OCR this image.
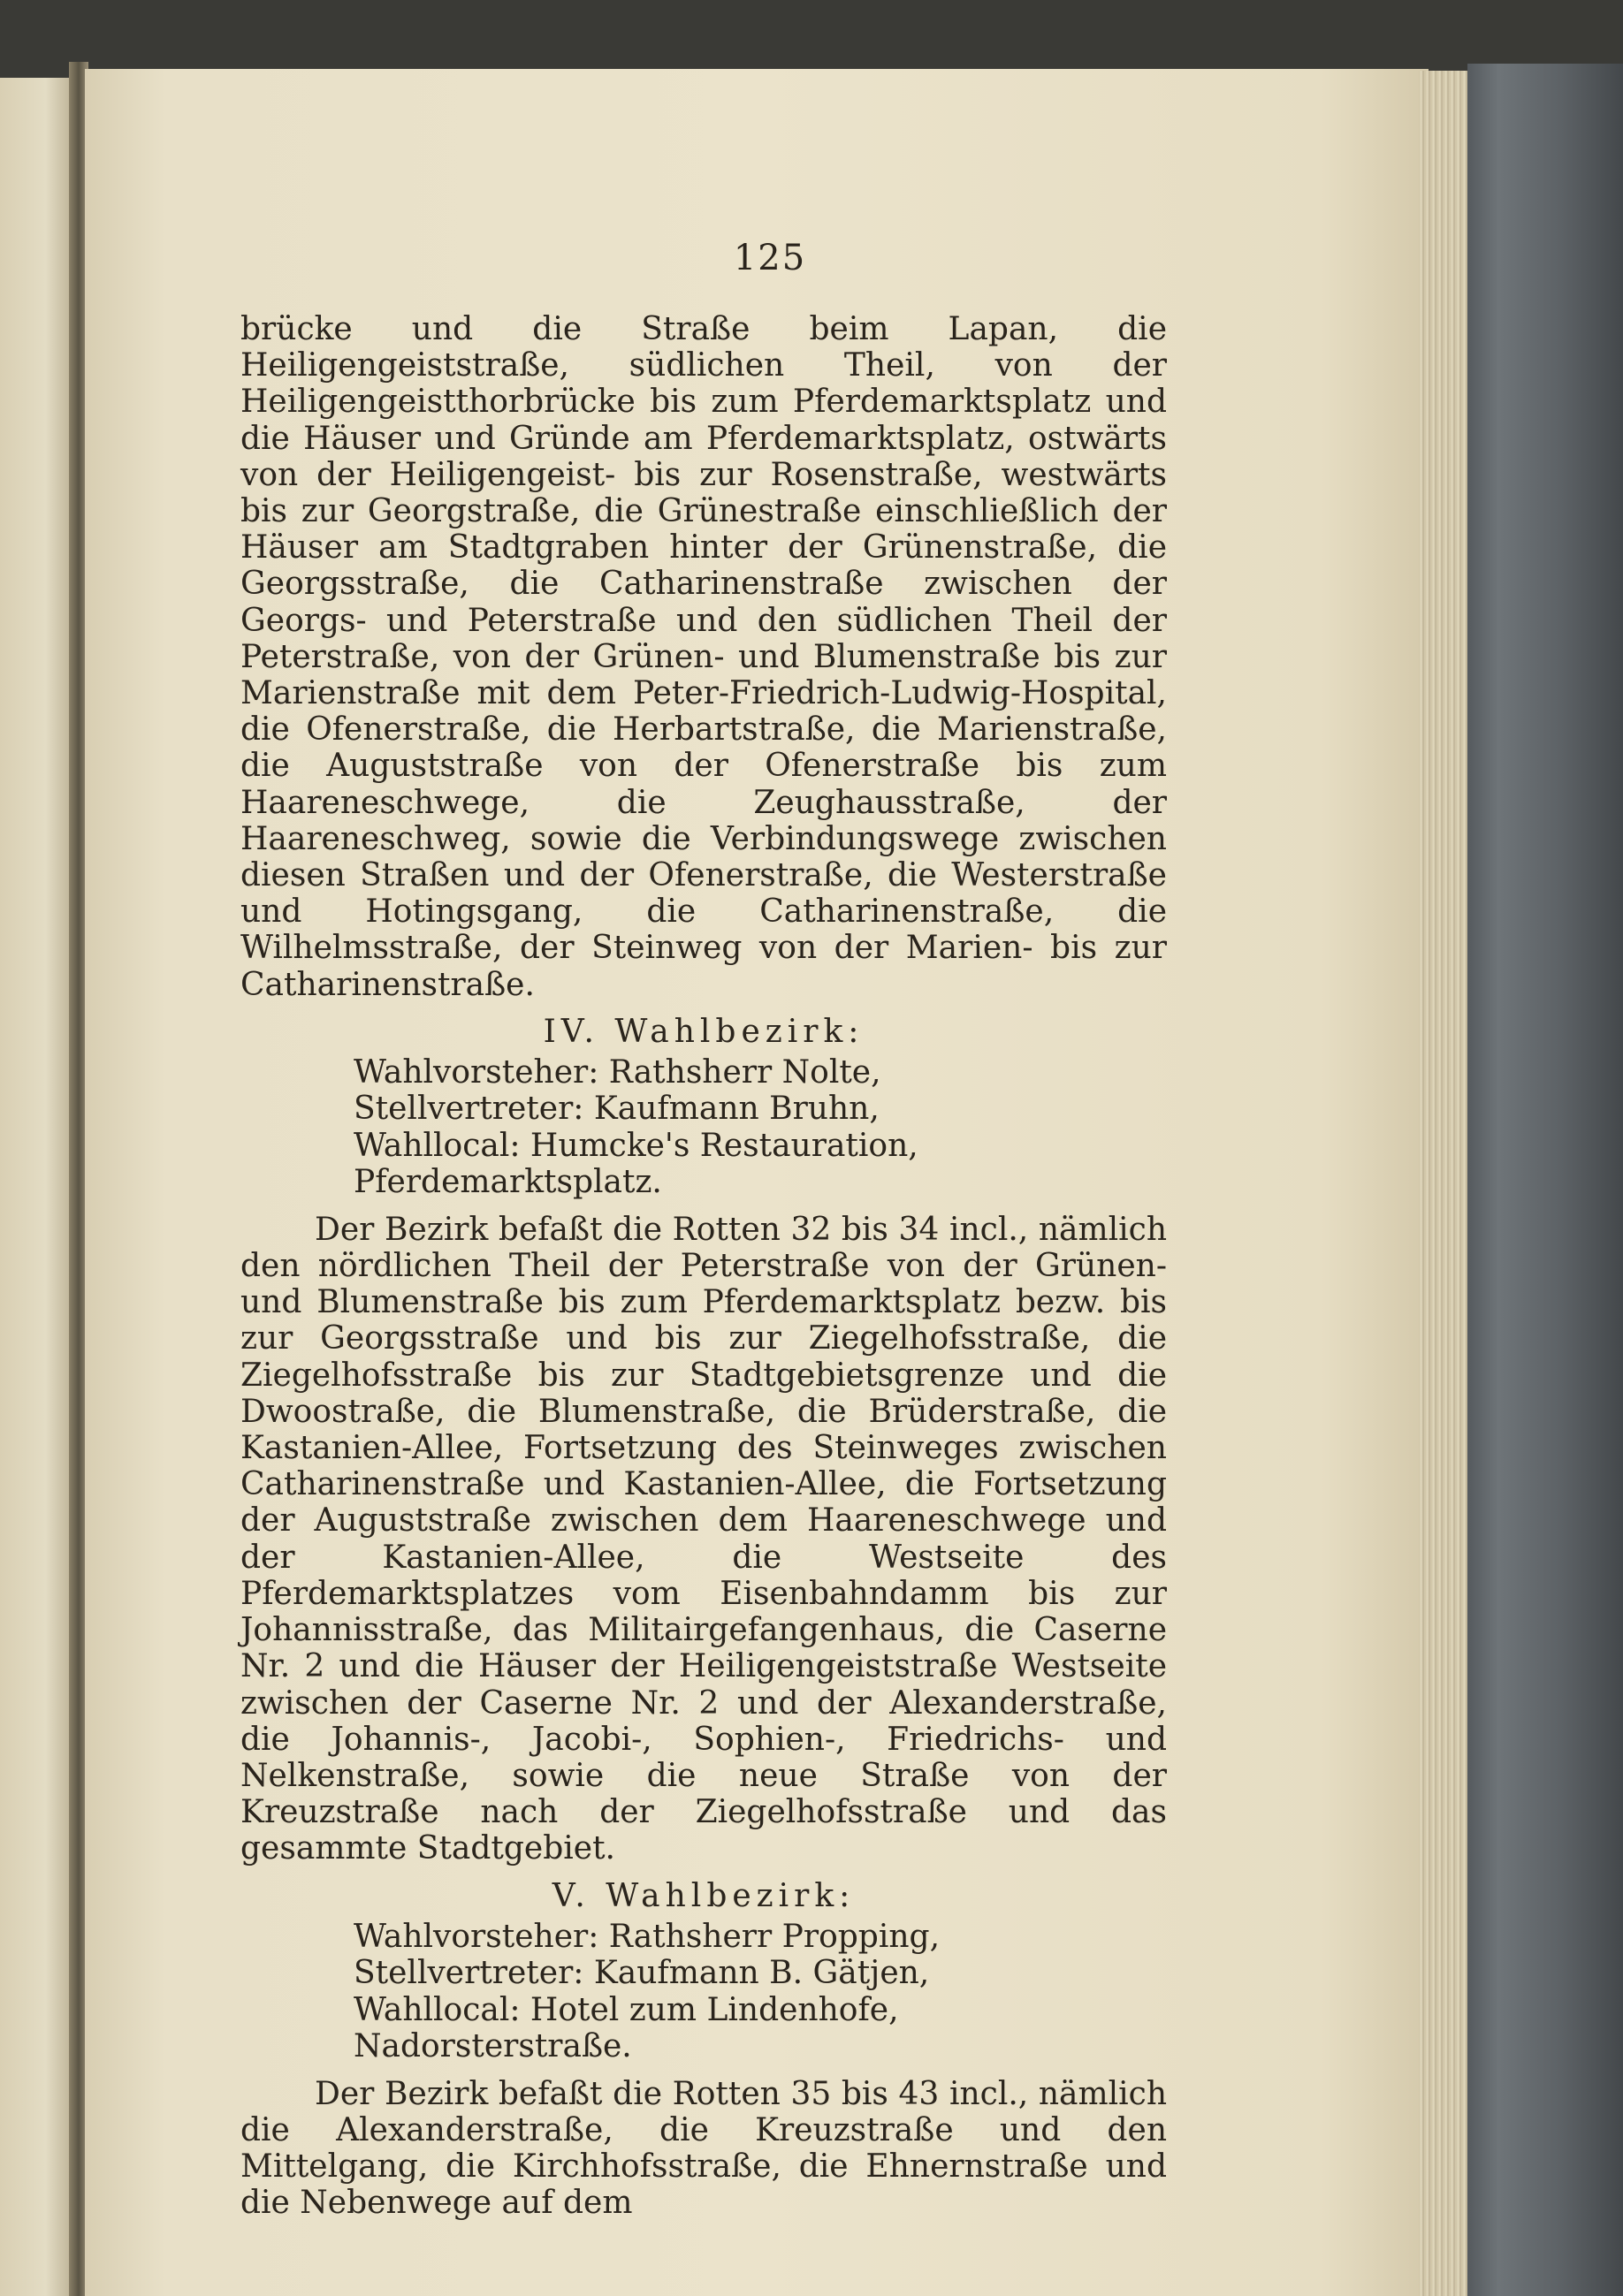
125

brücke und die Straße beim Lapan, die Heiligengeiststraße, südlichen Theil, von der Heiligengeistthorbrücke bis zum Pferdemarktsplatz und die Häuser und Gründe am Pferdemarktsplatz, ostwärts von der Heiligengeist- bis zur Rosenstraße, westwärts bis zur Georgstraße, die Grünestraße einschließlich der Häuser am Stadtgraben hinter der Grünenstraße, die Georgsstraße, die Catharinenstraße zwischen der Georgs- und Peterstraße und den südlichen Theil der Peterstraße, von der Grünen- und Blumenstraße bis zur Marienstraße mit dem Peter-Friedrich-Ludwig-Hospital, die Ofenerstraße, die Herbartstraße, die Marienstraße, die Auguststraße von der Ofenerstraße bis zum Haareneschwege, die Zeughausstraße, der Haareneschweg, sowie die Verbindungswege zwischen diesen Straßen und der Ofenerstraße, die Westerstraße und Hotingsgang, die Catharinenstraße, die Wilhelmsstraße, der Steinweg von der Marien- bis zur Catharinenstraße.

IV. Wahlbezirk:
Wahlvorsteher: Rathsherr Nolte,
Stellvertreter: Kaufmann Bruhn,
Wahllocal: Humcke's Restauration, Pferdemarktsplatz.

Der Bezirk befaßt die Rotten 32 bis 34 incl., nämlich den nördlichen Theil der Peterstraße von der Grünen- und Blumenstraße bis zum Pferdemarktsplatz bezw. bis zur Georgsstraße und bis zur Ziegelhofsstraße, die Ziegelhofsstraße bis zur Stadtgebietsgrenze und die Dwoostraße, die Blumenstraße, die Brüderstraße, die Kastanien-Allee, Fortsetzung des Steinweges zwischen Catharinenstraße und Kastanien-Allee, die Fortsetzung der Auguststraße zwischen dem Haareneschwege und der Kastanien-Allee, die Westseite des Pferdemarktsplatzes vom Eisenbahndamm bis zur Johannisstraße, das Militairgefangenhaus, die Caserne Nr. 2 und die Häuser der Heiligengeiststraße Westseite zwischen der Caserne Nr. 2 und der Alexanderstraße, die Johannis-, Jacobi-, Sophien-, Friedrichs- und Nelkenstraße, sowie die neue Straße von der Kreuzstraße nach der Ziegelhofsstraße und das gesammte Stadtgebiet.

V. Wahlbezirk:
Wahlvorsteher: Rathsherr Propping,
Stellvertreter: Kaufmann B. Gätjen,
Wahllocal: Hotel zum Lindenhofe, Nadorsterstraße.

Der Bezirk befaßt die Rotten 35 bis 43 incl., nämlich die Alexanderstraße, die Kreuzstraße und den Mittelgang, die Kirchhofsstraße, die Ehnernstraße und die Nebenwege auf dem
